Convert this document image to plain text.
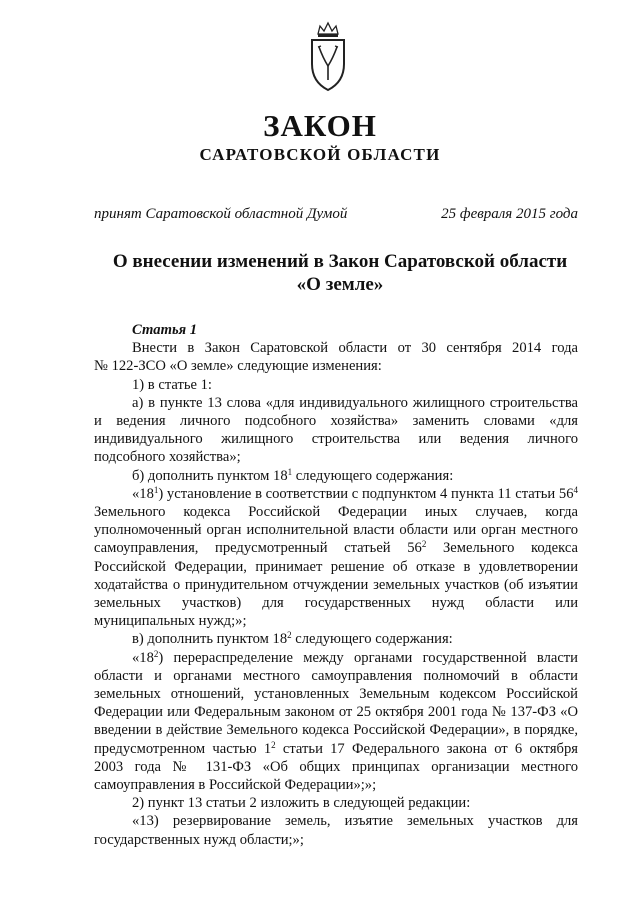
ЗАКОН
САРАТОВСКОЙ ОБЛАСТИ
принят Саратовской областной Думой	25 февраля 2015 года
О внесении изменений в Закон Саратовской области
«О земле»

Статья 1

Внести в Закон Саратовской области от 30 сентября 2014 года

№ 122-ЗСО «О земле» следующие изменения:

1) в статье 1:

а) в пункте 13 слова «для индивидуального жилищного строительства и ведения личного подсобного хозяйства» заменить словами «для индивидуального жилищного строительства или ведения личного подсобного хозяйства»;

б) дополнить пунктом $18^1$ следующего содержания:

«$18^1$) установление в соответствии с подпунктом 4 пункта 11 статьи $56^4$ Земельного кодекса Российской Федерации иных случаев, когда уполномоченный орган исполнительной власти области или орган местного самоуправления, предусмотренный статьей $56^2$ Земельного кодекса Российской Федерации, принимает решение об отказе в удовлетворении ходатайства о принудительном отчуждении земельных участков (об изъятии земельных участков) для государственных нужд области или муниципальных нужд;»;

в) дополнить пунктом $18^2$ следующего содержания:

«$18^2$) перераспределение между органами государственной власти области и органами местного самоуправления полномочий в области земельных отношений, установленных Земельным кодексом Российской Федерации или Федеральным законом от 25 октября 2001 года № 137-ФЗ «О введении в действие Земельного кодекса Российской Федерации», в порядке, предусмотренном частью $1^2$ статьи 17 Федерального закона от 6 октября 2003 года № 131-ФЗ «Об общих принципах организации местного самоуправления в Российской Федерации»;»;

2) пункт 13 статьи 2 изложить в следующей редакции:

«13) резервирование земель, изъятие земельных участков для государственных нужд области;»;
